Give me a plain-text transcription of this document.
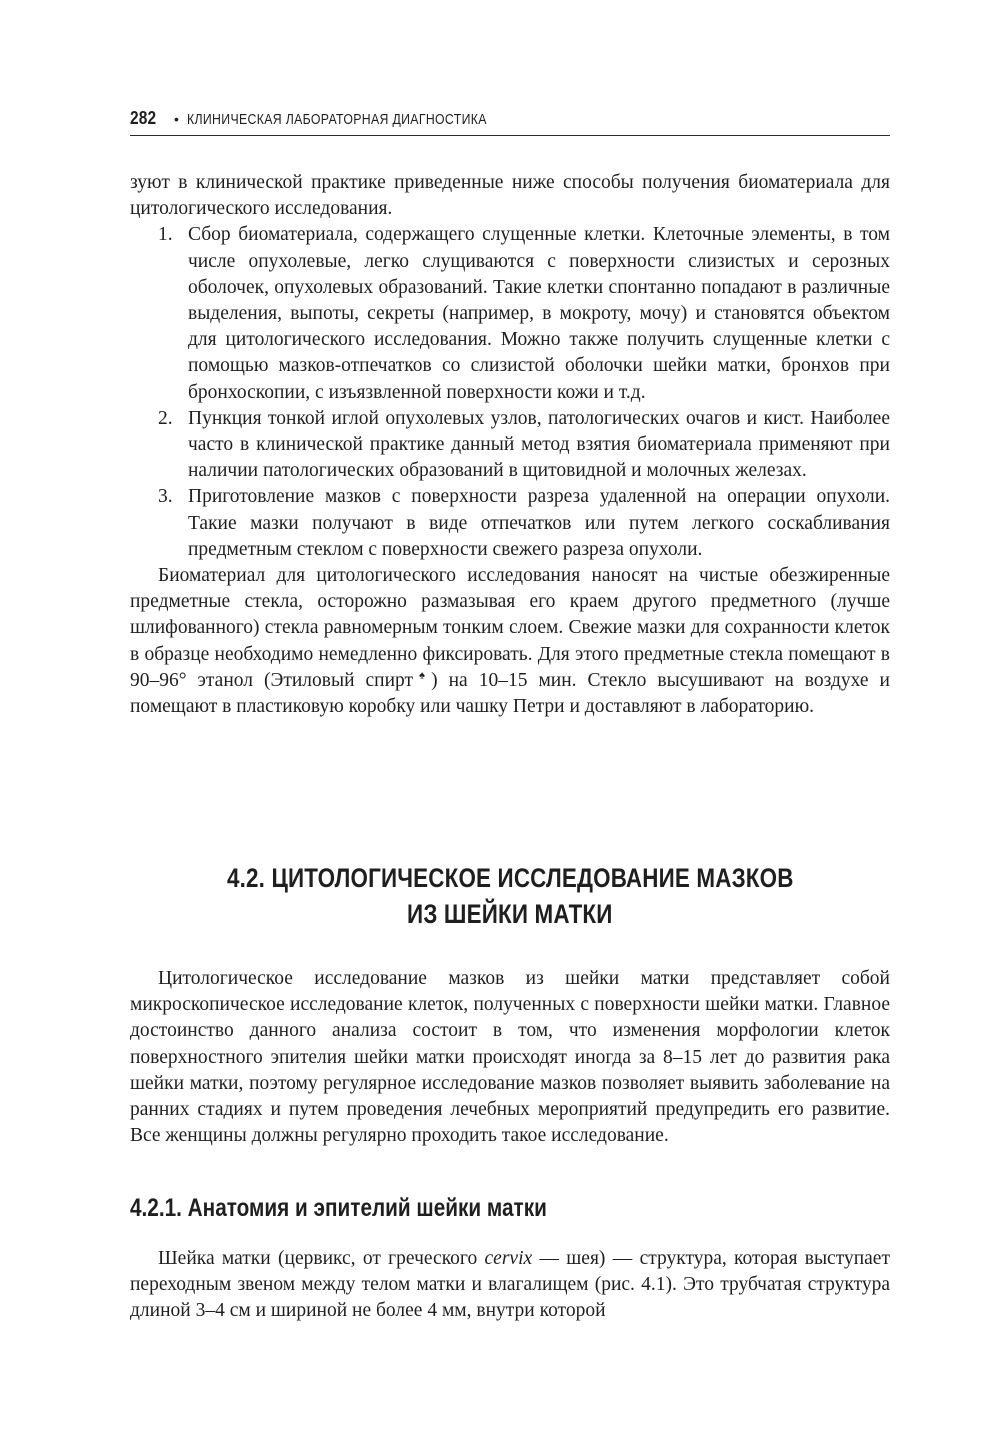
282	• КЛИНИЧЕСКАЯ ЛАБОРАТОРНАЯ ДИАГНОСТИКА

зуют в клинической практике приведенные ниже способы получения биоматериала для цитологического исследования.

1. Сбор биоматериала, содержащего слущенные клетки. Клеточные элементы, в том числе опухолевые, легко слущиваются с поверхности слизистых и серозных оболочек, опухолевых образований. Такие клетки спонтанно попадают в различные выделения, выпоты, секреты (например, в мокроту, мочу) и становятся объектом для цитологического исследования. Можно также получить слущенные клетки с помощью мазков-отпечатков со слизистой оболочки шейки матки, бронхов при бронхоскопии, с изъязвленной поверхности кожи и т.д.
2. Пункция тонкой иглой опухолевых узлов, патологических очагов и кист. Наиболее часто в клинической практике данный метод взятия биоматериала применяют при наличии патологических образований в щитовидной и молочных железах.
3. Приготовление мазков с поверхности разреза удаленной на операции опухоли. Такие мазки получают в виде отпечатков или путем легкого соскабливания предметным стеклом с поверхности свежего разреза опухоли.

Биоматериал для цитологического исследования наносят на чистые обезжиренные предметные стекла, осторожно размазывая его краем другого предметного (лучше шлифованного) стекла равномерным тонким слоем. Свежие мазки для сохранности клеток в образце необходимо немедленно фиксировать. Для этого предметные стекла помещают в 90–96° этанол (Этиловый спирт♠) на 10–15 мин. Стекло высушивают на воздухе и помещают в пластиковую коробку или чашку Петри и доставляют в лабораторию.

4.2. ЦИТОЛОГИЧЕСКОЕ ИССЛЕДОВАНИЕ МАЗКОВ
ИЗ ШЕЙКИ МАТКИ

Цитологическое исследование мазков из шейки матки представляет собой микроскопическое исследование клеток, полученных с поверхности шейки матки. Главное достоинство данного анализа состоит в том, что изменения морфологии клеток поверхностного эпителия шейки матки происходят иногда за 8–15 лет до развития рака шейки матки, поэтому регулярное исследование мазков позволяет выявить заболевание на ранних стадиях и путем проведения лечебных мероприятий предупредить его развитие. Все женщины должны регулярно проходить такое исследование.

4.2.1. Анатомия и эпителий шейки матки

Шейка матки (цервикс, от греческого cervix — шея) — структура, которая выступает переходным звеном между телом матки и влагалищем (рис. 4.1). Это трубчатая структура длиной 3–4 см и шириной не более 4 мм, внутри которой
